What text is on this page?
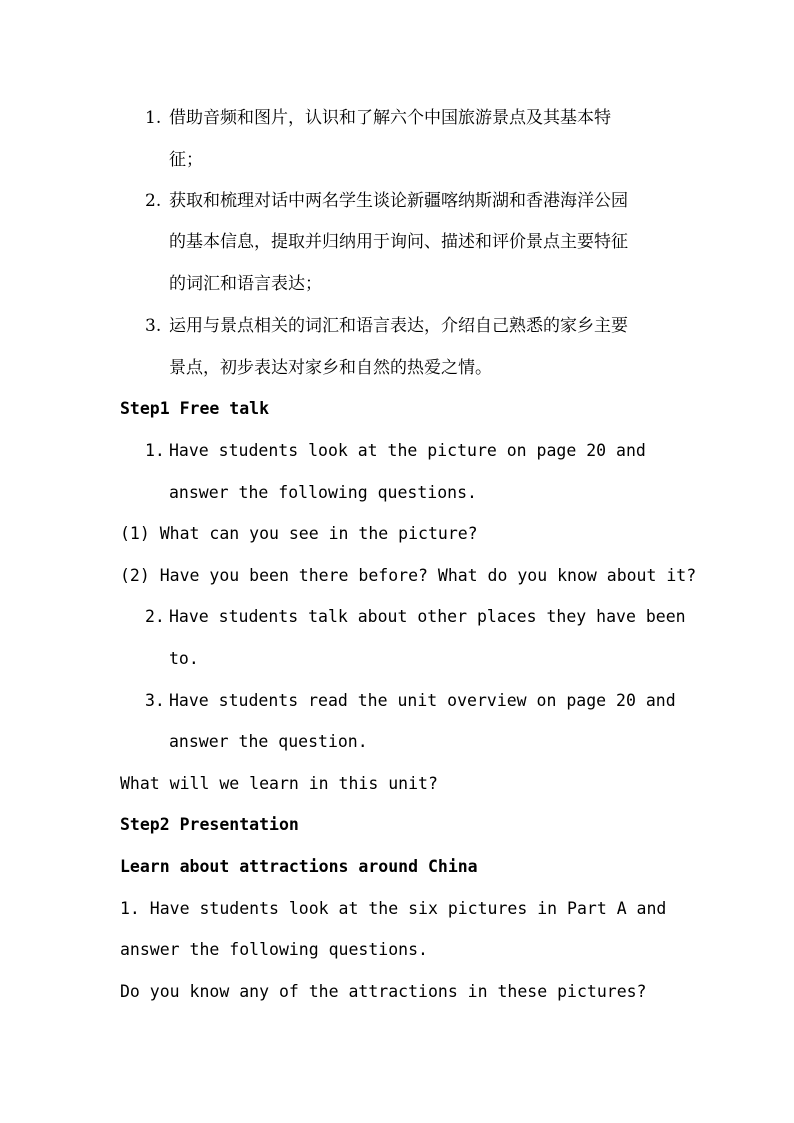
1. 借助音频和图片，认识和了解六个中国旅游景点及其基本特
征；
2. 获取和梳理对话中两名学生谈论新疆喀纳斯湖和香港海洋公园
的基本信息，提取并归纳用于询问、描述和评价景点主要特征
的词汇和语言表达；
3. 运用与景点相关的词汇和语言表达，介绍自己熟悉的家乡主要
景点，初步表达对家乡和自然的热爱之情。
Step1 Free talk
1. Have students look at the picture on page 20 and
answer the following questions.
(1) What can you see in the picture?
(2) Have you been there before? What do you know about it?
2. Have students talk about other places they have been
to.
3. Have students read the unit overview on page 20 and
answer the question.
What will we learn in this unit?
Step2 Presentation
Learn about attractions around China
1. Have students look at the six pictures in Part A and
answer the following questions.
Do you know any of the attractions in these pictures?
